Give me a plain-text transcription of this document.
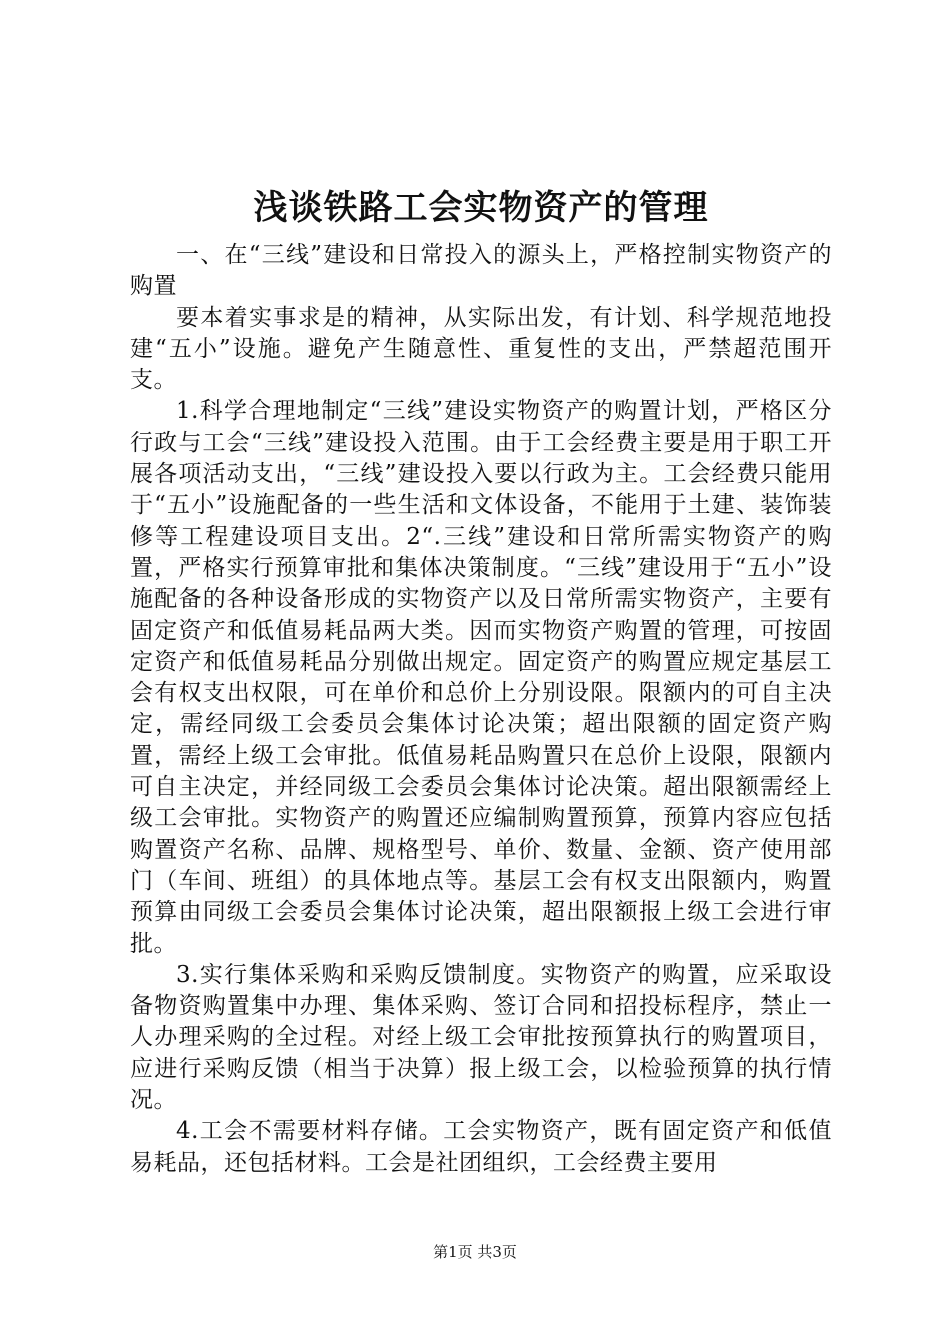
浅谈铁路工会实物资产的管理

一、在“三线”建设和日常投入的源头上，严格控制实物资产的购置

要本着实事求是的精神，从实际出发，有计划、科学规范地投建“五小”设施。避免产生随意性、重复性的支出，严禁超范围开支。

1.科学合理地制定“三线”建设实物资产的购置计划，严格区分行政与工会“三线”建设投入范围。由于工会经费主要是用于职工开展各项活动支出，“三线”建设投入要以行政为主。工会经费只能用于“五小”设施配备的一些生活和文体设备，不能用于土建、装饰装修等工程建设项目支出。2“.三线”建设和日常所需实物资产的购置，严格实行预算审批和集体决策制度。“三线”建设用于“五小”设施配备的各种设备形成的实物资产以及日常所需实物资产，主要有固定资产和低值易耗品两大类。因而实物资产购置的管理，可按固定资产和低值易耗品分别做出规定。固定资产的购置应规定基层工会有权支出权限，可在单价和总价上分别设限。限额内的可自主决定，需经同级工会委员会集体讨论决策；超出限额的固定资产购置，需经上级工会审批。低值易耗品购置只在总价上设限，限额内可自主决定，并经同级工会委员会集体讨论决策。超出限额需经上级工会审批。实物资产的购置还应编制购置预算，预算内容应包括购置资产名称、品牌、规格型号、单价、数量、金额、资产使用部门（车间、班组）的具体地点等。基层工会有权支出限额内，购置预算由同级工会委员会集体讨论决策，超出限额报上级工会进行审批。

3.实行集体采购和采购反馈制度。实物资产的购置，应采取设备物资购置集中办理、集体采购、签订合同和招投标程序，禁止一人办理采购的全过程。对经上级工会审批按预算执行的购置项目，应进行采购反馈（相当于决算）报上级工会，以检验预算的执行情况。

4.工会不需要材料存储。工会实物资产，既有固定资产和低值易耗品，还包括材料。工会是社团组织，工会经费主要用

第1页 共3页
